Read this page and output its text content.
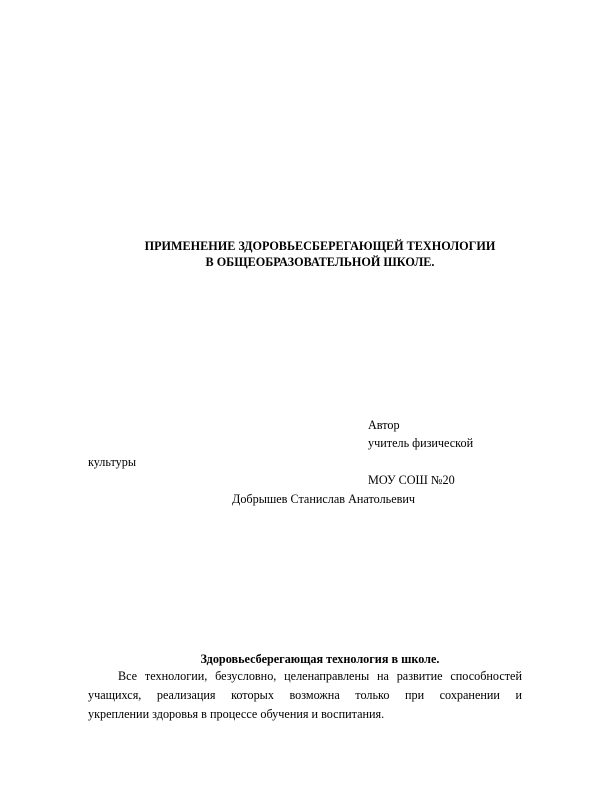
ПРИМЕНЕНИЕ ЗДОРОВЬЕСБЕРЕГАЮЩЕЙ ТЕХНОЛОГИИ
В ОБЩЕОБРАЗОВАТЕЛЬНОЙ ШКОЛЕ.
Автор
учитель физической
культуры
МОУ СОШ №20
Добрышев Станислав Анатольевич
Здоровьесберегающая технология в школе.
Все технологии, безусловно, целенаправлены на развитие способностей
учащихся, реализация которых возможна только при сохранении и
укреплении здоровья в процессе обучения и воспитания.
